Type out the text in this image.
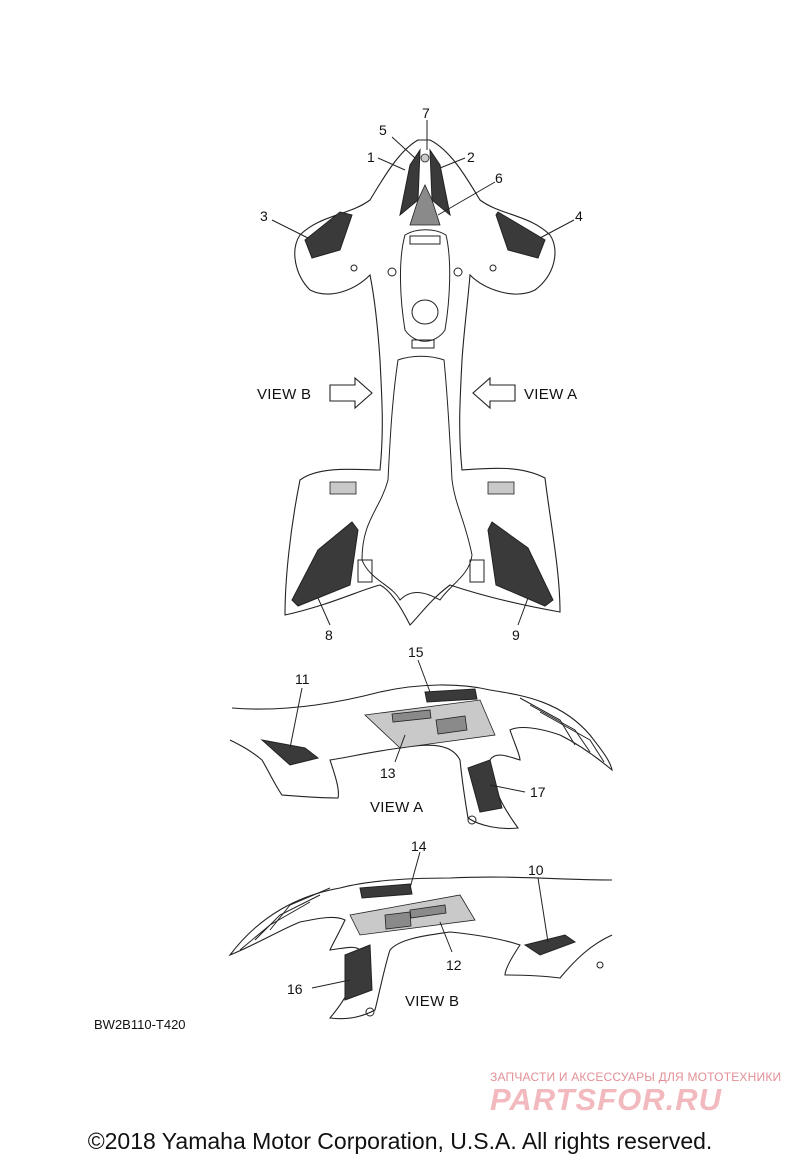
7
5
1	2
6
3	4
8	9
VIEW B	VIEW A
15
11
13
17
VIEW A
14
10
12
16
VIEW B
BW2B110-T420
ЗАПЧАСТИ И АКСЕССУАРЫ ДЛЯ МОТОТЕХНИКИ
PARTSFOR.RU
©2018 Yamaha Motor Corporation, U.S.A. All rights reserved.
